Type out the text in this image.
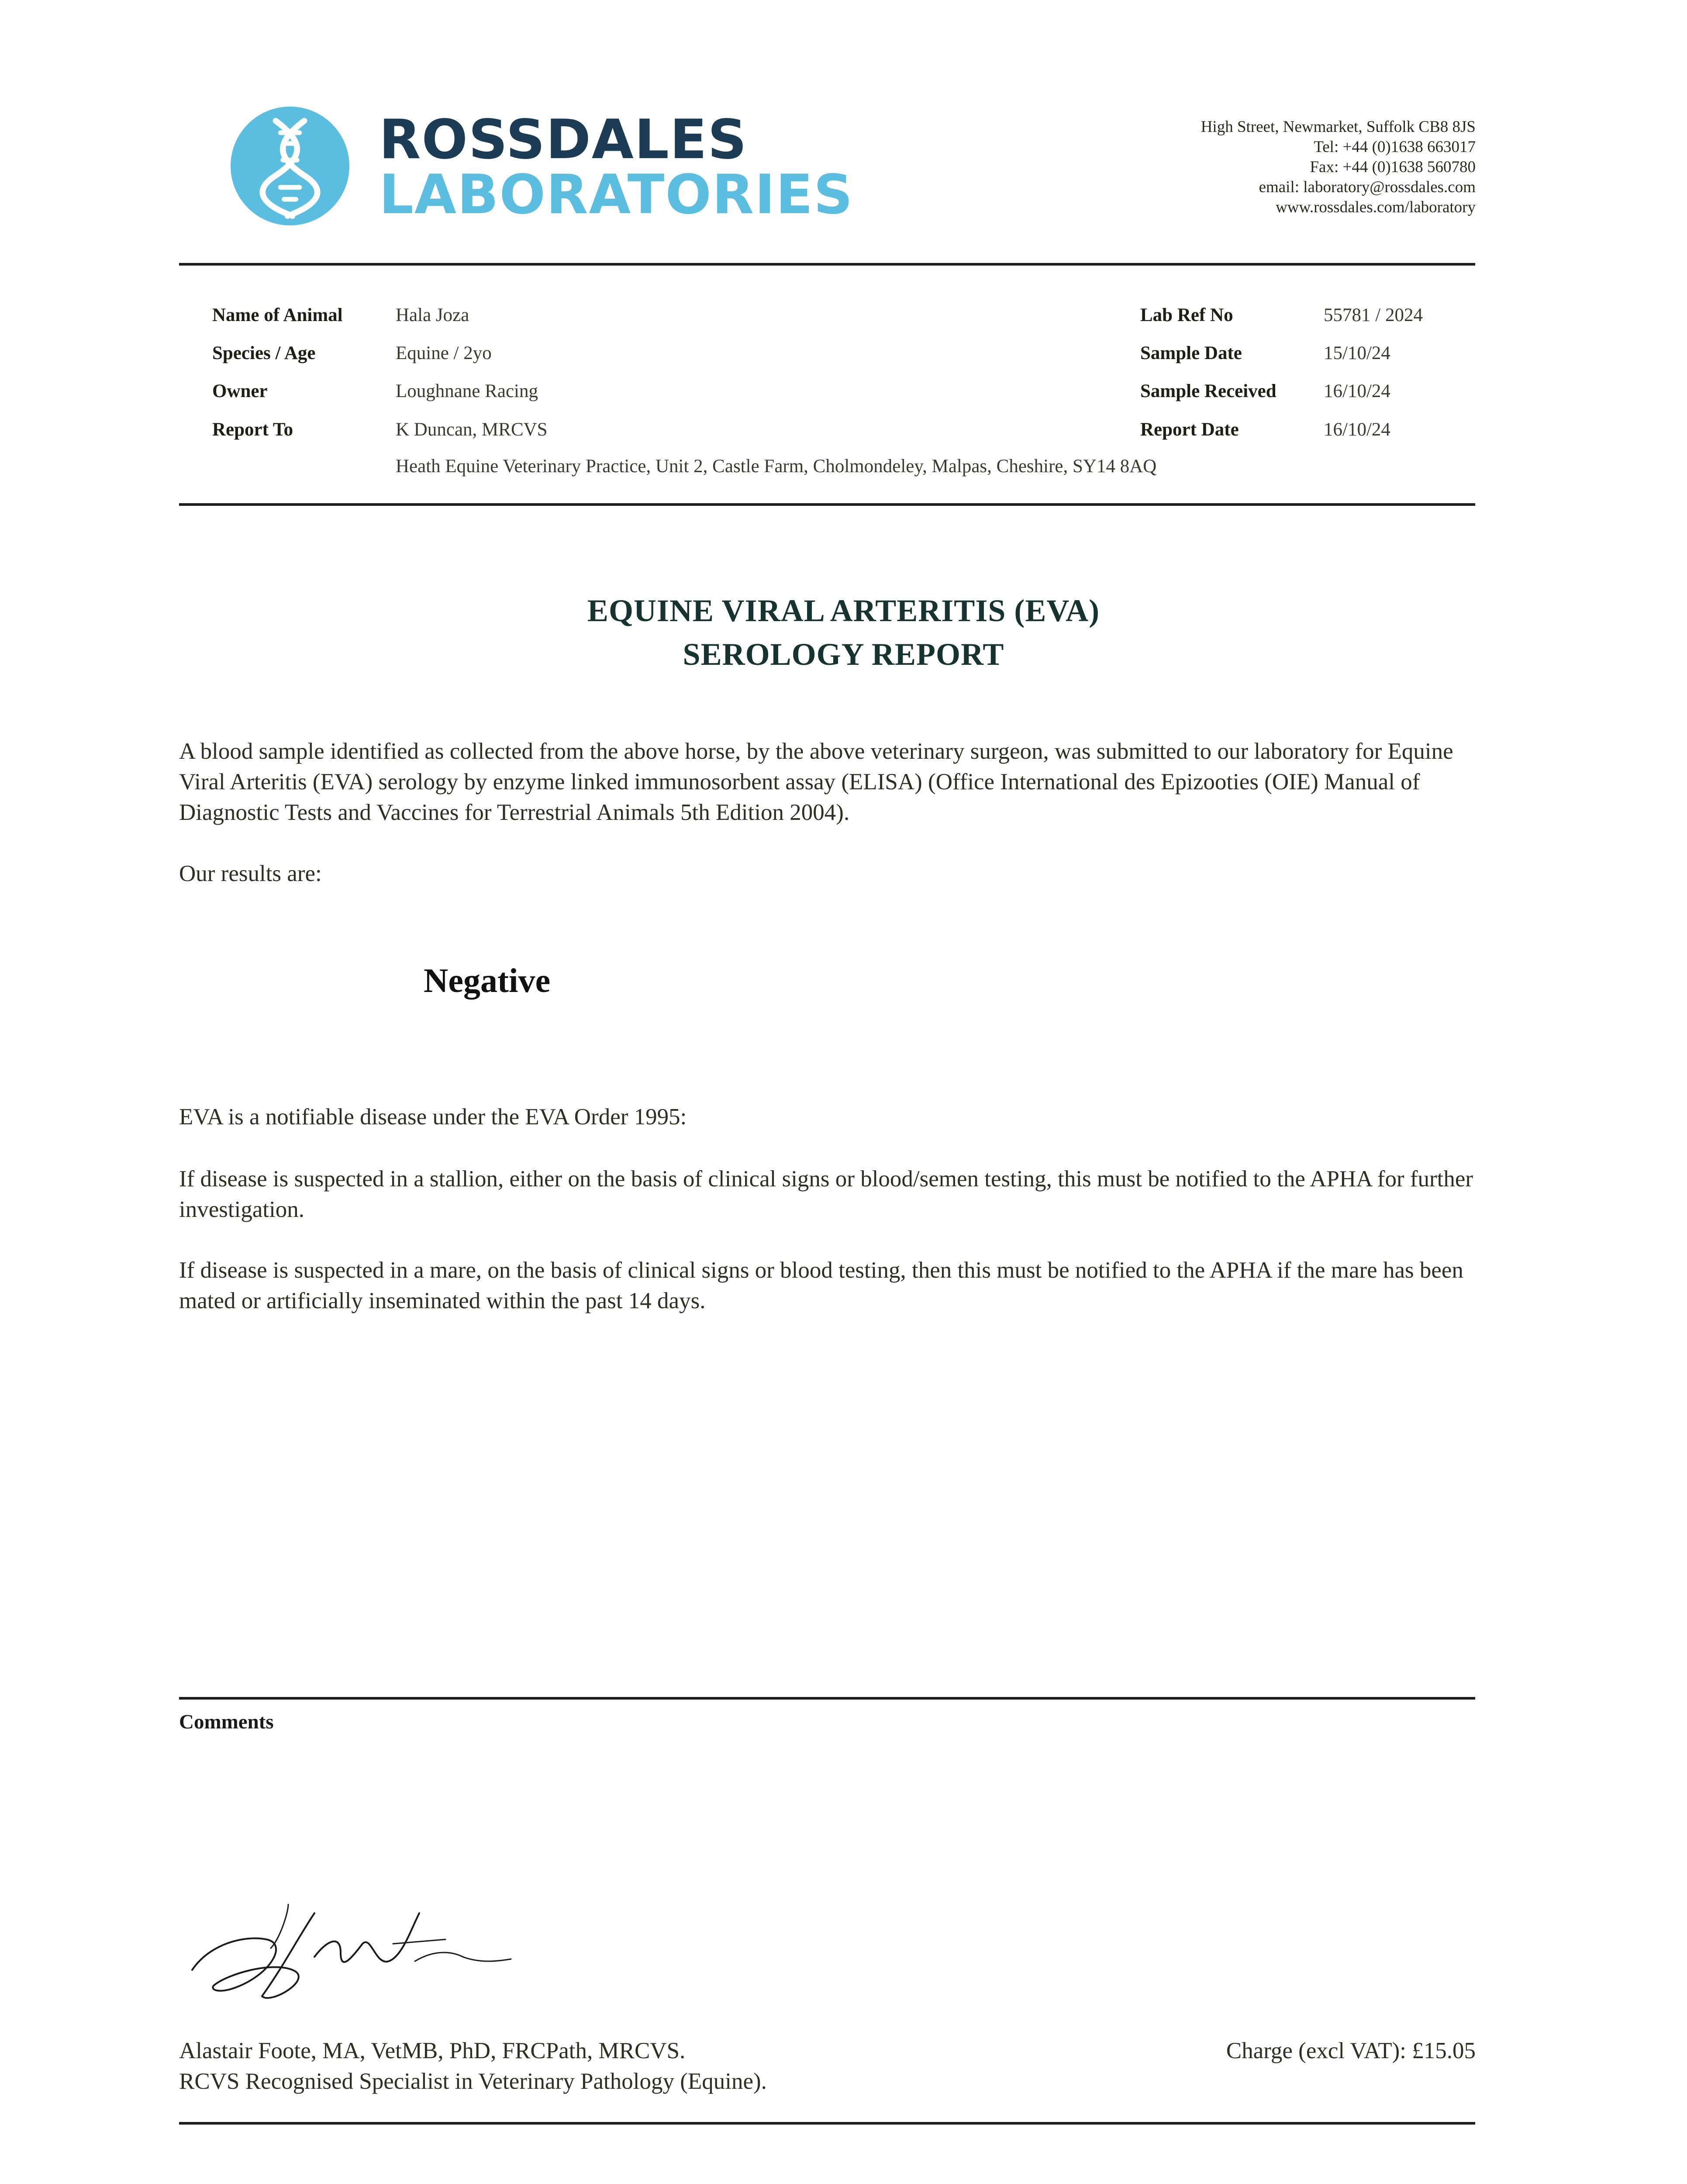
ROSSDALES
LABORATORIES
High Street, Newmarket, Suffolk CB8 8JS
Tel: +44 (0)1638 663017
Fax: +44 (0)1638 560780
email: laboratory@rossdales.com
www.rossdales.com/laboratory
Name of Animal	Hala Joza
Species / Age	Equine / 2yo
Owner	Loughnane Racing
Report To	K Duncan, MRCVS
Heath Equine Veterinary Practice, Unit 2, Castle Farm, Cholmondeley, Malpas, Cheshire, SY14 8AQ
Lab Ref No	55781 / 2024
Sample Date	15/10/24
Sample Received	16/10/24
Report Date	16/10/24
EQUINE VIRAL ARTERITIS (EVA)
SEROLOGY REPORT
A blood sample identified as collected from the above horse, by the above veterinary surgeon, was submitted to our laboratory for Equine Viral Arteritis (EVA) serology by enzyme linked immunosorbent assay (ELISA) (Office International des Epizooties (OIE) Manual of Diagnostic Tests and Vaccines for Terrestrial Animals 5th Edition 2004).
Our results are:
Negative
EVA is a notifiable disease under the EVA Order 1995:
If disease is suspected in a stallion, either on the basis of clinical signs or blood/semen testing, this must be notified to the APHA for further investigation.
If disease is suspected in a mare, on the basis of clinical signs or blood testing, then this must be notified to the APHA if the mare has been mated or artificially inseminated within the past 14 days.
Comments
Alastair Foote, MA, VetMB, PhD, FRCPath, MRCVS.
RCVS Recognised Specialist in Veterinary Pathology (Equine).
Charge (excl VAT): £15.05
